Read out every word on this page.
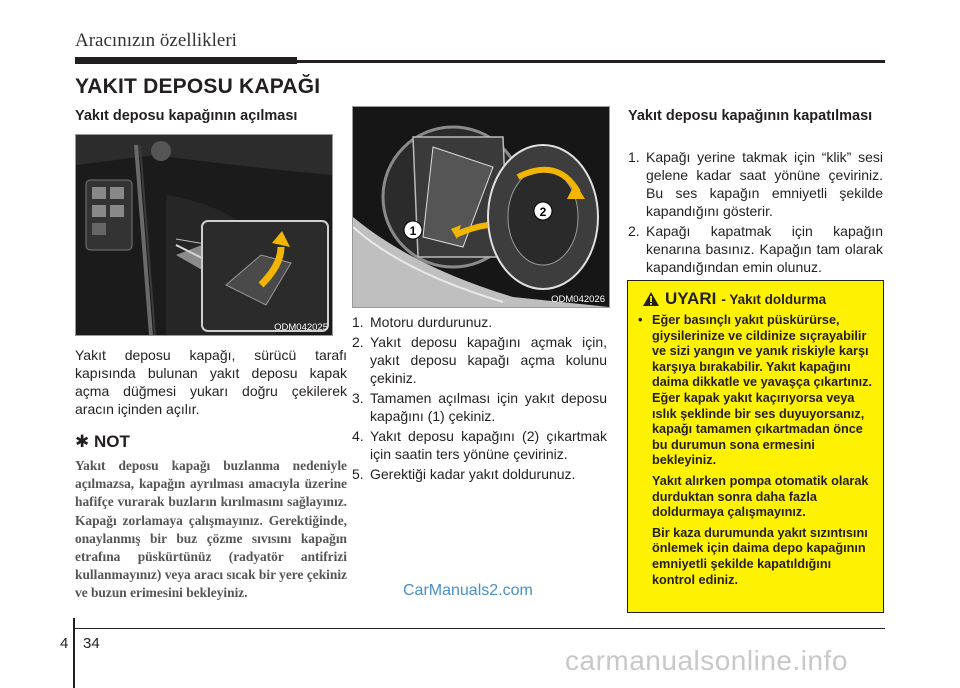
Aracınızın özellikleri
YAKIT DEPOSU KAPAĞI
Yakıt deposu kapağının açılması
ODM042025
Yakıt deposu kapağı, sürücü tarafı kapısında bulunan yakıt deposu kapak açma düğmesi yukarı doğru çekilerek aracın içinden açılır.
✱ NOT
Yakıt deposu kapağı buzlanma nedeniyle açılmazsa, kapağın ayrılması amacıyla üzerine hafifçe vurarak buzların kırılmasını sağlayınız. Kapağı zorlamaya çalışmayınız. Gerektiğinde, onaylanmış bir buz çözme sıvısını kapağın etrafına püskürtünüz (radyatör antifrizi kullanmayınız) veya aracı sıcak bir yere çekiniz ve buzun erimesini bekleyiniz.
1
2
ODM042026
1. Motoru durdurunuz.
2. Yakıt deposu kapağını açmak için, yakıt deposu kapağı açma kolunu çekiniz.
3. Tamamen açılması için yakıt deposu kapağını (1) çekiniz.
4. Yakıt deposu kapağını (2) çıkartmak için saatin ters yönüne çeviriniz.
5. Gerektiği kadar yakıt doldurunuz.
Yakıt deposu kapağının kapatılması
1. Kapağı yerine takmak için “klik” sesi gelene kadar saat yönüne çeviriniz. Bu ses kapağın emniyetli şekilde kapandığını gösterir.
2. Kapağı kapatmak için kapağın kenarına basınız. Kapağın tam olarak kapandığından emin olunuz.
UYARI - Yakıt doldurma
• Eğer basınçlı yakıt püskürürse, giysilerinize ve cildinize sıçrayabilir ve sizi yangın ve yanık riskiyle karşı karşıya bırakabilir. Yakıt kapağını daima dikkatle ve yavaşça çıkartınız. Eğer kapak yakıt kaçırıyorsa veya ıslık şeklinde bir ses duyuyorsanız, kapağı tamamen çıkartmadan önce bu durumun sona ermesini bekleyiniz.

Yakıt alırken pompa otomatik olarak durduktan sonra daha fazla doldurmaya çalışmayınız.

Bir kaza durumunda yakıt sızıntısını önlemek için daima depo kapağının emniyetli şekilde kapatıldığını kontrol ediniz.

CarManuals2.com
carmanualsonline.info
4 34
